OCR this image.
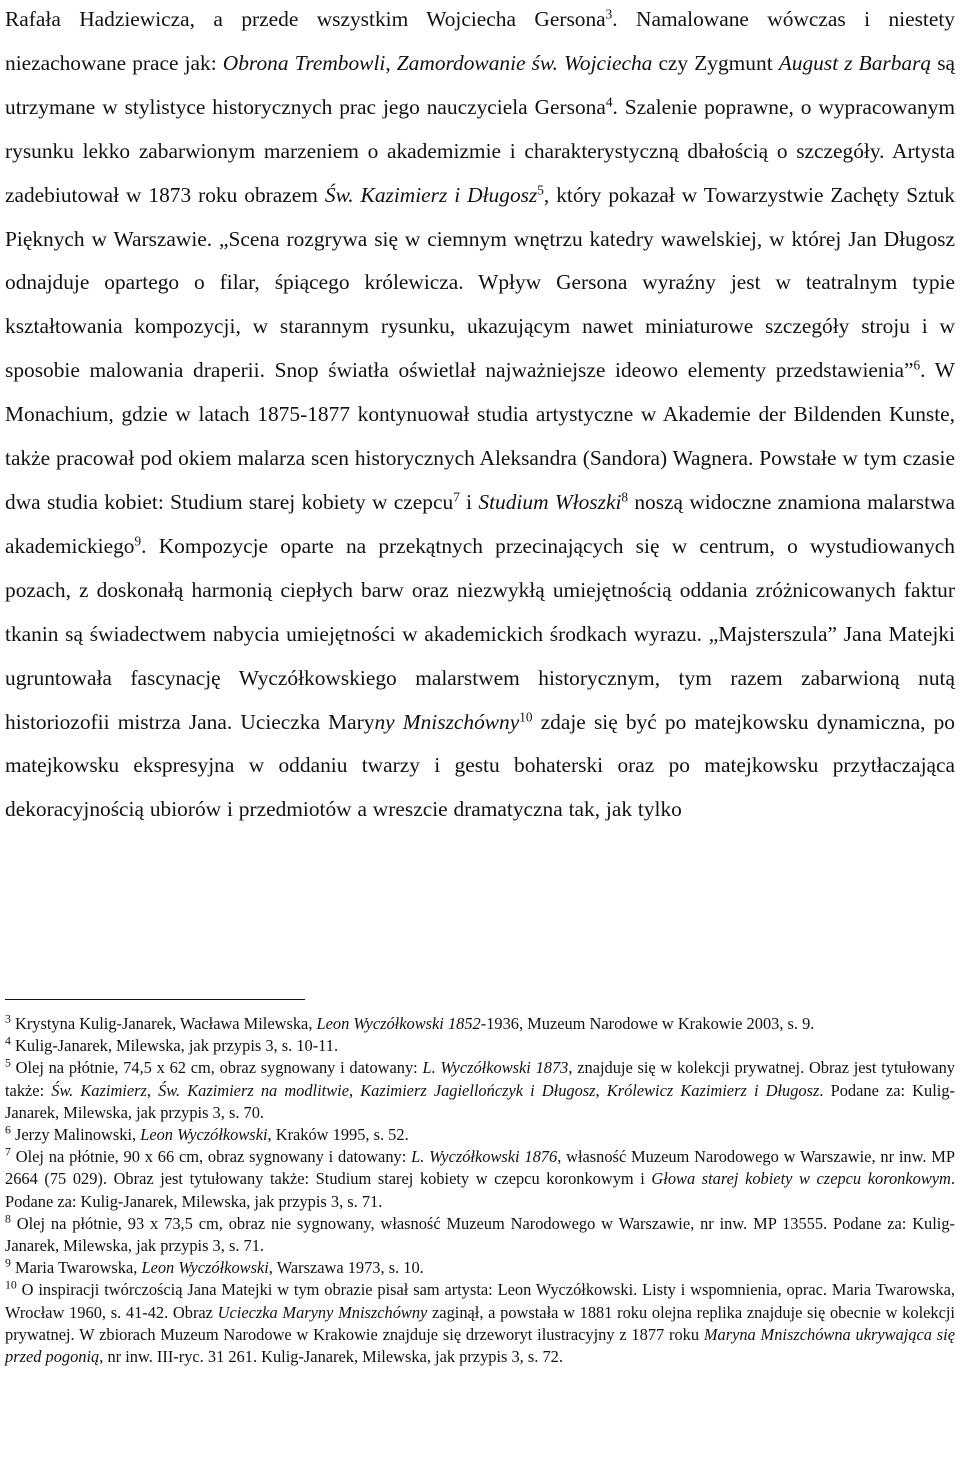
Rafała Hadziewicza, a przede wszystkim Wojciecha Gersona$^3$. Namalowane wówczas i niestety niezachowane prace jak: Obrona Trembowli, Zamordowanie św. Wojciecha czy Zygmunt August z Barbarą są utrzymane w stylistyce historycznych prac jego nauczyciela Gersona$^4$. Szalenie poprawne, o wypracowanym rysunku lekko zabarwionym marzeniem o akademizmie i charakterystyczną dbałością o szczegóły. Artysta zadebiutował w 1873 roku obrazem Św. Kazimierz i Długosz$^5$, który pokazał w Towarzystwie Zachęty Sztuk Pięknych w Warszawie. „Scena rozgrywa się w ciemnym wnętrzu katedry wawelskiej, w której Jan Długosz odnajduje opartego o filar, śpiącego królewicza. Wpływ Gersona wyraźny jest w teatralnym typie kształtowania kompozycji, w starannym rysunku, ukazującym nawet miniaturowe szczegóły stroju i w sposobie malowania draperii. Snop światła oświetlał najważniejsze ideowo elementy przedstawienia”$^6$. W Monachium, gdzie w latach 1875-1877 kontynuował studia artystyczne w Akademie der Bildenden Kunste, także pracował pod okiem malarza scen historycznych Aleksandra (Sandora) Wagnera. Powstałe w tym czasie dwa studia kobiet: Studium starej kobiety w czepcu$^7$ i Studium Włoszki$^8$ noszą widoczne znamiona malarstwa akademickiego$^9$. Kompozycje oparte na przekątnych przecinających się w centrum, o wystudiowanych pozach, z doskonałą harmonią ciepłych barw oraz niezwykłą umiejętnością oddania zróżnicowanych faktur tkanin są świadectwem nabycia umiejętności w akademickich środkach wyrazu. „Majsterszula” Jana Matejki ugruntowała fascynację Wyczółkowskiego malarstwem historycznym, tym razem zabarwioną nutą historiozofii mistrza Jana. Ucieczka Maryny Mniszchówny$^{10}$ zdaje się być po matejkowsku dynamiczna, po matejkowsku ekspresyjna w oddaniu twarzy i gestu bohaterski oraz po matejkowsku przytłaczająca dekoracyjnością ubiorów i przedmiotów a wreszcie dramatyczna tak, jak tylko

$^3$ Krystyna Kulig-Janarek, Wacława Milewska, Leon Wyczółkowski 1852-1936, Muzeum Narodowe w Krakowie 2003, s. 9.

$^4$ Kulig-Janarek, Milewska, jak przypis 3, s. 10-11.

$^5$ Olej na płótnie, 74,5 x 62 cm, obraz sygnowany i datowany: L. Wyczółkowski 1873, znajduje się w kolekcji prywatnej. Obraz jest tytułowany także: Św. Kazimierz, Św. Kazimierz na modlitwie, Kazimierz Jagiellończyk i Długosz, Królewicz Kazimierz i Długosz. Podane za: Kulig-Janarek, Milewska, jak przypis 3, s. 70.

$^6$ Jerzy Malinowski, Leon Wyczółkowski, Kraków 1995, s. 52.

$^7$ Olej na płótnie, 90 x 66 cm, obraz sygnowany i datowany: L. Wyczółkowski 1876, własność Muzeum Narodowego w Warszawie, nr inw. MP 2664 (75 029). Obraz jest tytułowany także: Studium starej kobiety w czepcu koronkowym i Głowa starej kobiety w czepcu koronkowym. Podane za: Kulig-Janarek, Milewska, jak przypis 3, s. 71.

$^8$ Olej na płótnie, 93 x 73,5 cm, obraz nie sygnowany, własność Muzeum Narodowego w Warszawie, nr inw. MP 13555. Podane za: Kulig-Janarek, Milewska, jak przypis 3, s. 71.

$^9$ Maria Twarowska, Leon Wyczółkowski, Warszawa 1973, s. 10.

$^{10}$ O inspiracji twórczością Jana Matejki w tym obrazie pisał sam artysta: Leon Wyczółkowski. Listy i wspomnienia, oprac. Maria Twarowska, Wrocław 1960, s. 41-42. Obraz Ucieczka Maryny Mniszchówny zaginął, a powstała w 1881 roku olejna replika znajduje się obecnie w kolekcji prywatnej. W zbiorach Muzeum Narodowe w Krakowie znajduje się drzeworyt ilustracyjny z 1877 roku Maryna Mniszchówna ukrywająca się przed pogonią, nr inw. III-ryc. 31 261. Kulig-Janarek, Milewska, jak przypis 3, s. 72.
